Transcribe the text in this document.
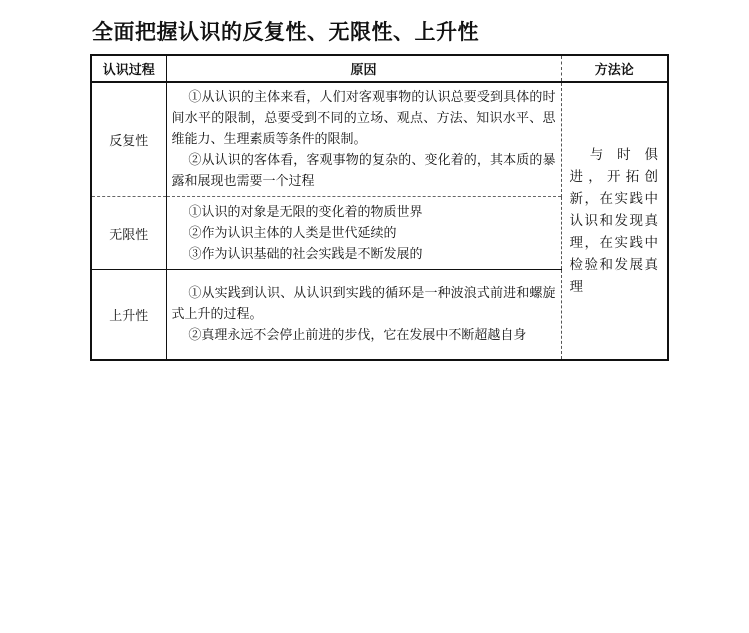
全面把握认识的反复性、无限性、上升性
认识过程	原因	方法论
反复性	①从认识的主体来看，人们对客观事物的认识总要受到具体的时间水平的限制，总要受到不同的立场、观点、方法、知识水平、思维能力、生理素质等条件的限制。

②从认识的客体看，客观事物的复杂的、变化着的，其本质的暴露和展现也需要一个过程	与时俱进，开拓创新，在实践中认识和发现真理，在实践中检验和发展真理

无限性	①认识的对象是无限的变化着的物质世界

②作为认识主体的人类是世代延续的

③作为认识基础的社会实践是不断发展的	

上升性	①从实践到认识、从认识到实践的循环是一种波浪式前进和螺旋式上升的过程。

②真理永远不会停止前进的步伐，它在发展中不断超越自身	
